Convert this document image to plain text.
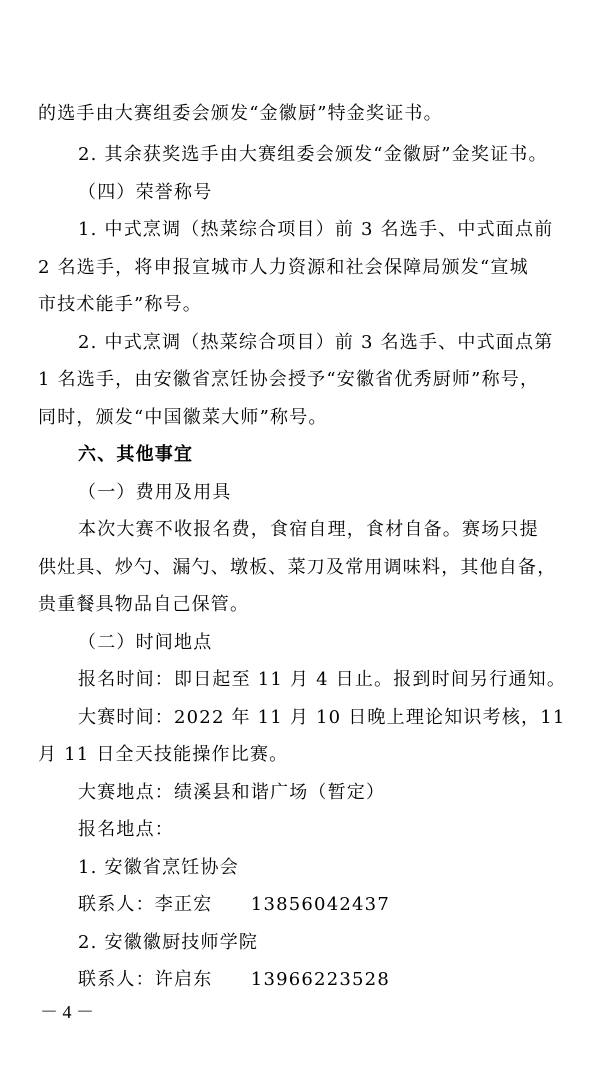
的选手由大赛组委会颁发“金徽厨”特金奖证书。
2. 其余获奖选手由大赛组委会颁发“金徽厨”金奖证书。
（四）荣誉称号
1. 中式烹调（热菜综合项目）前 3 名选手、中式面点前
2 名选手，将申报宣城市人力资源和社会保障局颁发“宣城
市技术能手”称号。
2. 中式烹调（热菜综合项目）前 3 名选手、中式面点第
1 名选手，由安徽省烹饪协会授予“安徽省优秀厨师”称号，
同时，颁发“中国徽菜大师”称号。
六、其他事宜
（一）费用及用具
本次大赛不收报名费，食宿自理，食材自备。赛场只提
供灶具、炒勺、漏勺、墩板、菜刀及常用调味料，其他自备，
贵重餐具物品自己保管。
（二）时间地点
报名时间：即日起至 11 月 4 日止。报到时间另行通知。
大赛时间：2022 年 11 月 10 日晚上理论知识考核，11
月 11 日全天技能操作比赛。
大赛地点：绩溪县和谐广场（暂定）
报名地点：
1. 安徽省烹饪协会
联系人：李正宏　　13856042437
2. 安徽徽厨技师学院
联系人：许启东　　13966223528
－ 4 －
